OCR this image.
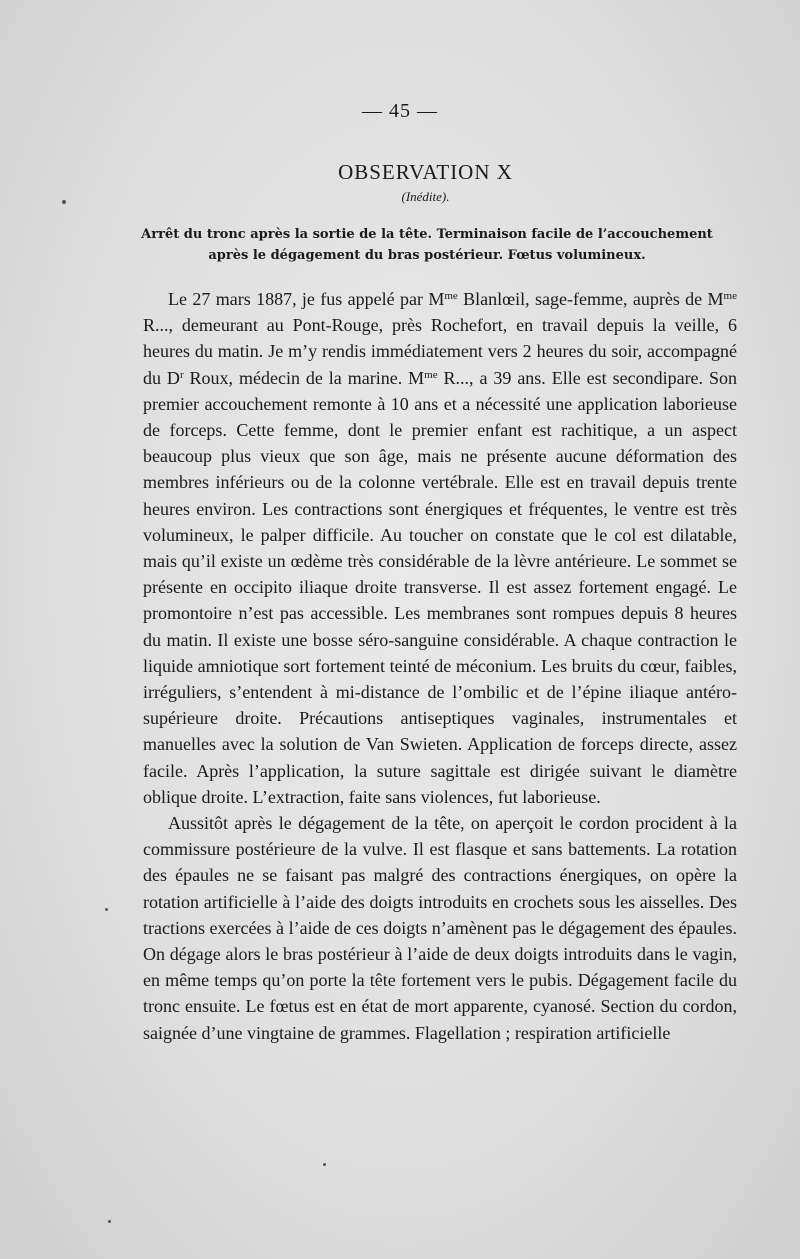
— 45 —
OBSERVATION X
(Inédite).

Arrêt du tronc après la sortie de la tête. Terminaison facile de l’accouchement après le dégagement du bras postérieur. Fœtus volumineux.

Le 27 mars 1887, je fus appelé par $M^{me}$ Blanlœil, sage-femme, auprès de $M^{me}$ R..., demeurant au Pont-Rouge, près Rochefort, en travail depuis la veille, 6 heures du matin. Je m’y rendis immédiatement vers 2 heures du soir, accompagné du $D^r$ Roux, médecin de la marine. $M^{me}$ R..., a 39 ans. Elle est secondipare. Son premier accouchement remonte à 10 ans et a nécessité une application laborieuse de forceps. Cette femme, dont le premier enfant est rachitique, a un aspect beaucoup plus vieux que son âge, mais ne présente aucune déformation des membres inférieurs ou de la colonne vertébrale. Elle est en travail depuis trente heures environ. Les contractions sont énergiques et fréquentes, le ventre est très volumineux, le palper difficile. Au toucher on constate que le col est dilatable, mais qu’il existe un œdème très considérable de la lèvre antérieure. Le sommet se présente en occipito iliaque droite transverse. Il est assez fortement engagé. Le promontoire n’est pas accessible. Les membranes sont rompues depuis 8 heures du matin. Il existe une bosse séro-sanguine considérable. A chaque contraction le liquide amniotique sort fortement teinté de méconium. Les bruits du cœur, faibles, irréguliers, s’entendent à mi-distance de l’ombilic et de l’épine iliaque antéro-supérieure droite. Précautions antiseptiques vaginales, instrumentales et manuelles avec la solution de Van Swieten. Application de forceps directe, assez facile. Après l’application, la suture sagittale est dirigée suivant le diamètre oblique droite. L’extraction, faite sans violences, fut laborieuse.

Aussitôt après le dégagement de la tête, on aperçoit le cordon procident à la commissure postérieure de la vulve. Il est flasque et sans battements. La rotation des épaules ne se faisant pas malgré des contractions énergiques, on opère la rotation artificielle à l’aide des doigts introduits en crochets sous les aisselles. Des tractions exercées à l’aide de ces doigts n’amènent pas le dégagement des épaules. On dégage alors le bras postérieur à l’aide de deux doigts introduits dans le vagin, en même temps qu’on porte la tête fortement vers le pubis. Dégagement facile du tronc ensuite. Le fœtus est en état de mort apparente, cyanosé. Section du cordon, saignée d’une vingtaine de grammes. Flagellation ; respiration artificielle
